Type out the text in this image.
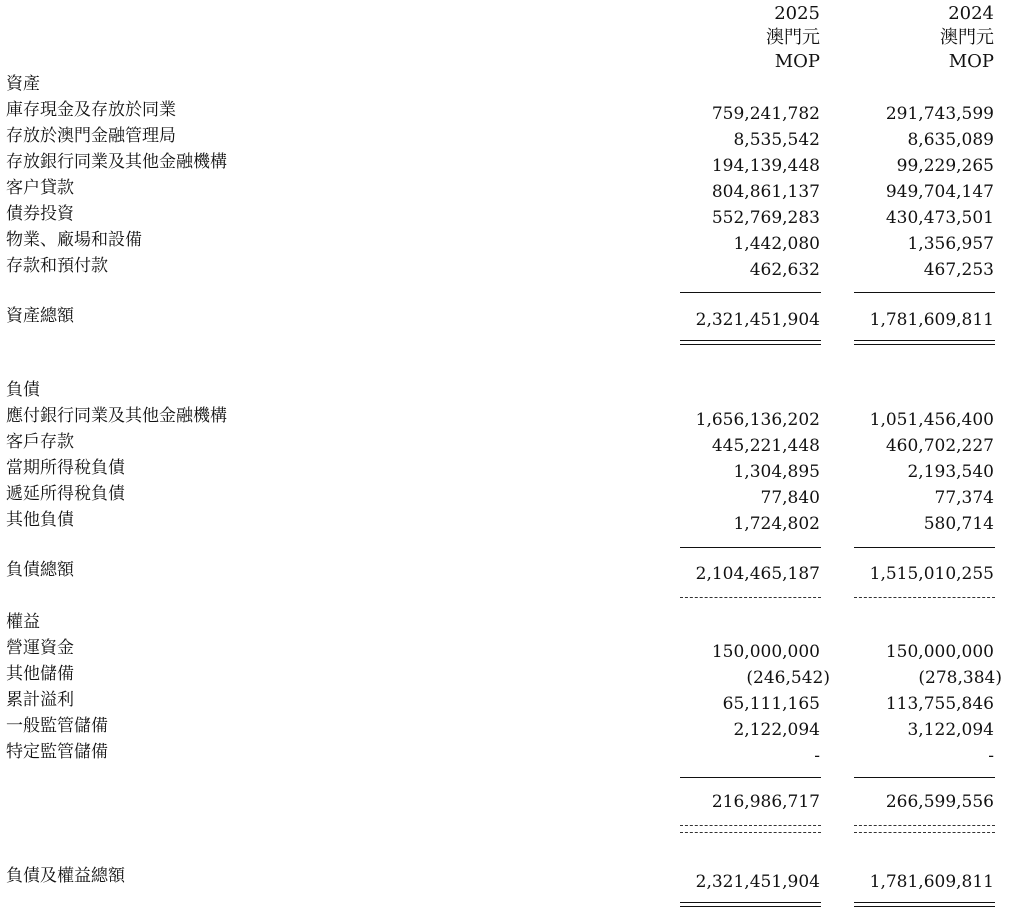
2025	2024
澳門元	澳門元
MOP	MOP
資產
庫存現金及存放於同業	759,241,782	291,743,599
存放於澳門金融管理局	8,535,542	8,635,089
存放銀行同業及其他金融機構	194,139,448	99,229,265
客户貸款	804,861,137	949,704,147
債券投資	552,769,283	430,473,501
物業、廠場和設備	1,442,080	1,356,957
存款和預付款	462,632	467,253
資產總額	2,321,451,904	1,781,609,811
負債
應付銀行同業及其他金融機構	1,656,136,202	1,051,456,400
客戶存款	445,221,448	460,702,227
當期所得稅負債	1,304,895	2,193,540
遞延所得稅負債	77,840	77,374
其他負債	1,724,802	580,714
負債總額	2,104,465,187	1,515,010,255
權益
營運資金	150,000,000	150,000,000
其他儲備	(246,542)	(278,384)
累計溢利	65,111,165	113,755,846
一般監管儲備	2,122,094	3,122,094
特定監管儲備	-	-
216,986,717	266,599,556
負債及權益總額	2,321,451,904	1,781,609,811
